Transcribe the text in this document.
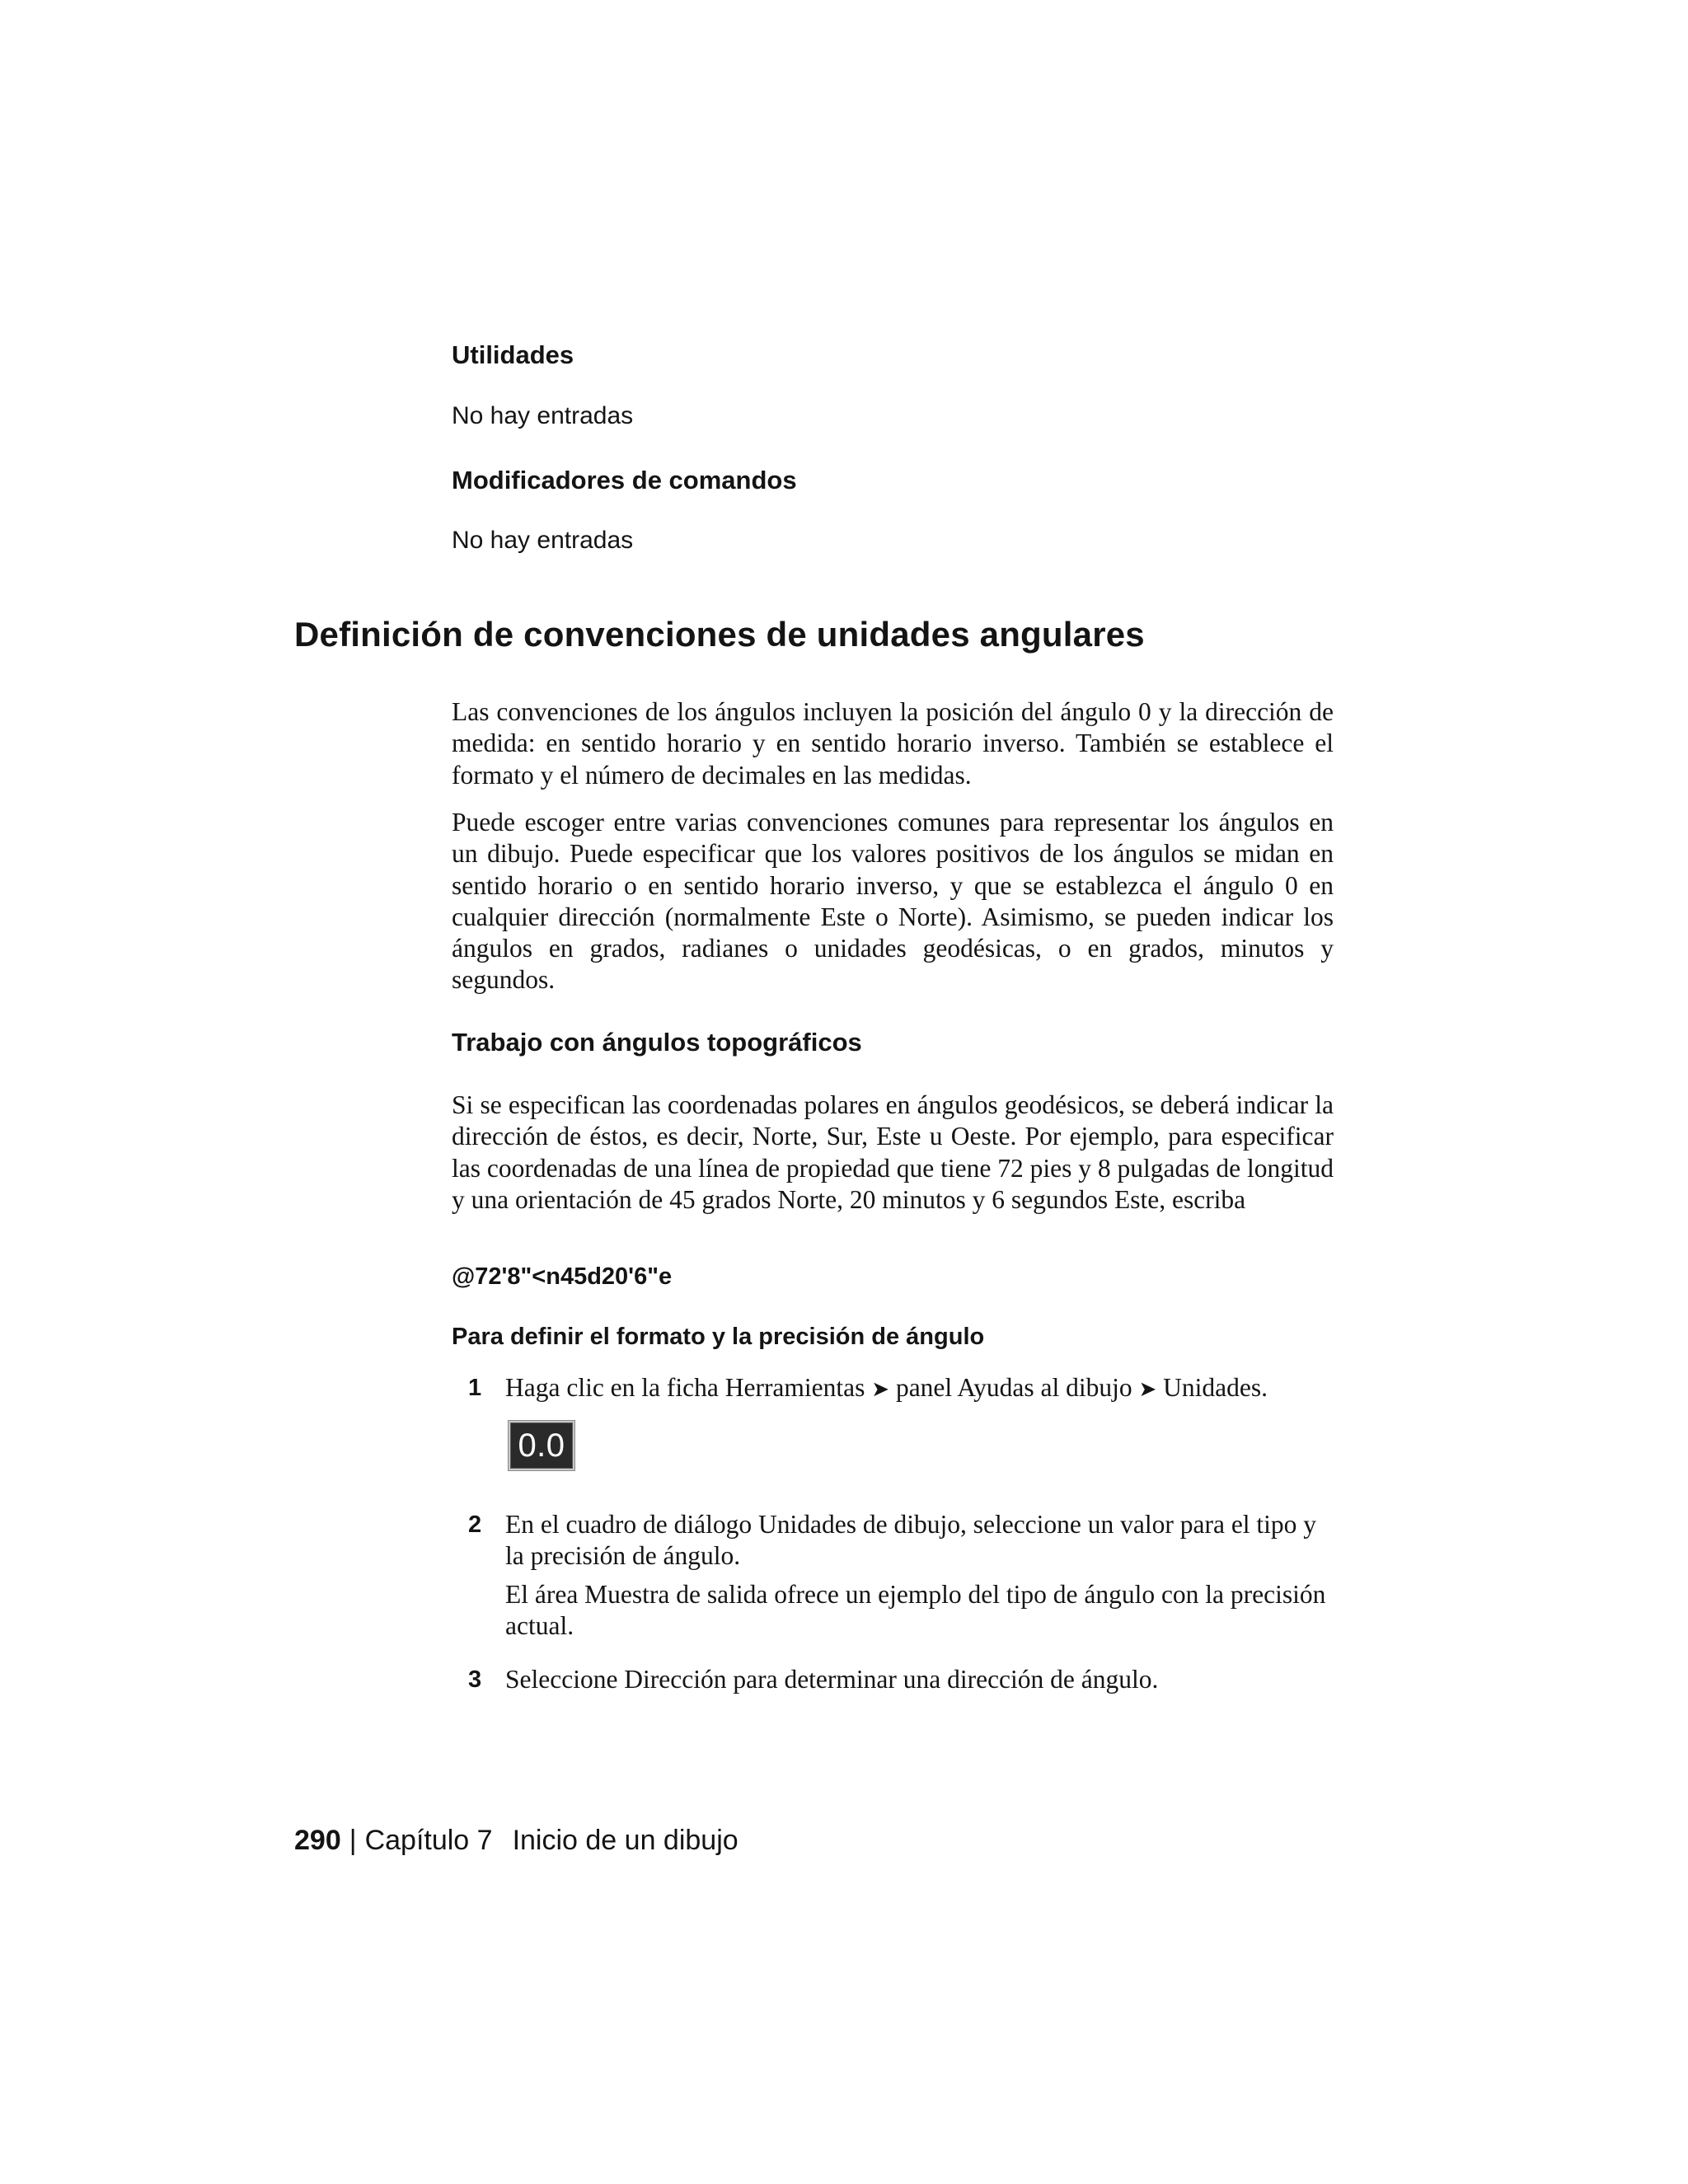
Utilidades
No hay entradas
Modificadores de comandos
No hay entradas
Definición de convenciones de unidades angulares

Las convenciones de los ángulos incluyen la posición del ángulo 0 y la dirección de medida: en sentido horario y en sentido horario inverso. También se establece el formato y el número de decimales en las medidas.

Puede escoger entre varias convenciones comunes para representar los ángulos en un dibujo. Puede especificar que los valores positivos de los ángulos se midan en sentido horario o en sentido horario inverso, y que se establezca el ángulo 0 en cualquier dirección (normalmente Este o Norte). Asimismo, se pueden indicar los ángulos en grados, radianes o unidades geodésicas, o en grados, minutos y segundos.

Trabajo con ángulos topográficos

Si se especifican las coordenadas polares en ángulos geodésicos, se deberá indicar la dirección de éstos, es decir, Norte, Sur, Este u Oeste. Por ejemplo, para especificar las coordenadas de una línea de propiedad que tiene 72 pies y 8 pulgadas de longitud y una orientación de 45 grados Norte, 20 minutos y 6 segundos Este, escriba

@72'8"<n45d20'6"e
Para definir el formato y la precisión de ángulo
1 Haga clic en la ficha Herramientas ➤ panel Ayudas al dibujo ➤ Unidades.

0.0
2 En el cuadro de diálogo Unidades de dibujo, seleccione un valor para el tipo y la precisión de ángulo.

El área Muestra de salida ofrece un ejemplo del tipo de ángulo con la precisión actual.

3 Seleccione Dirección para determinar una dirección de ángulo.

290 | Capítulo 7 Inicio de un dibujo
